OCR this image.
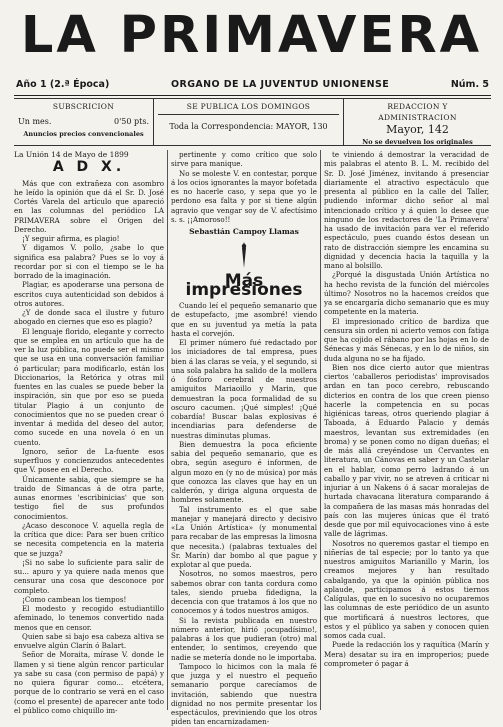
LA PRIMAVERA
Año 1 (2.ª Época)	ORGANO DE LA JUVENTUD UNIONENSE	Núm. 5
SUBSCRICION
Un mes.	0'50 pts.
Anuncios precios convencionales
SE PUBLICA LOS DOMINGOS
Toda la Correspondencia: MAYOR, 130
REDACCION Y ADMINISTRACION
Mayor, 142
No se devuelven los originales

La Unión 14 de Mayo de 1899

A D X.

Más que con extrañeza con asombro he leído la opinión que dá el Sr. D. José Cortés Varela del artículo que apareció en las columnas del periódico LA PRIMAVERA sobre el Origen del Derecho.

¡Y seguir afirma, es plagio!

Y digamos V. pollo, ¿sabe lo que significa esa palabra? Pues se lo voy á recordar por si con el tiempo se le ha borrado de la imaginación.

Plagiar, es apoderarse una persona de escritos cuya autenticidad son debidos á otros autores.

¿Y de donde saca el ilustre y futuro abogado en ciernes que eso es plagio?

El lenguaje florido, elegante y correcto que se emplea en un artículo que ha de ver la luz pública, no puede ser el mismo que se usa en una conversación familiar ó particular; para modificarlo, están los Diccionarios, la Retórica y otras mil fuentes en las cuales se puede beber la inspiración, sin que por eso se pueda titular Plagio á un conjunto de conocimientos que no se pueden crear ó inventar á medida del deseo del autor, como sucede en una novela ó en un cuento.

Ignoro, señor de La-fuente esos superfluos y concienzudos antecedentes que V. posee en el Derecho.

Únicamente sabia, que siempre se ha traido de Simancas á de otra parte, aunas enormes 'escribinicias' que son testigo fiel de sus profundos conocimientos.

¿Acaso desconoce V. aquella regla de la crítica que dice: Para ser buen crítico se necesita competencia en la materia que se juzga?

¡Si no sabe lo suficiente para salir de su... apuro y ya quiere nada menos que censurar una cosa que desconoce por completo.

¡Como cambean los tiempos!

El modesto y recogido estudiantillo afeminado, lo tenemos convertido nada menos que en censor.

Quien sabe si bajo esa cabeza altiva se envuelve algún Clarín ó Balart.

Señor de Moraita, mírase V. donde le llamen y si tiene algún rencor particular ya sabe su casa (con permiso de papá) y no quiera figurar como... etcétera, porque de lo contrario se verá en el caso (como el presente) de aparecer ante todo el público como chiquillo im-

pertinente y como crítico que solo sirve para manique.

No se moleste V. en contestar, porque á los ocios ignorantes la mayor bofetada es no hacerle caso, y sepa que yo le perdono esa falta y por si tiene algún agravio que vengar soy de V. afectísimo s. s. ¡¡Amoroso!!

Sebastián Campoy Llamas

Más impresiones

Cuando leí el pequeño semanario que de estupefacto, ¡me asombré! viendo que en su juventud ya metía la pata hasta el corvejón.

El primer número fué redactado por los iniciadores de tal empresa, pues bien á las claras se veía, y el segundo, si una sola palabra ha salido de la mollera ó fósforo cerebral de nuestros amiguitos Mariaoillo y Marin, que demuestran la poca formalidad de su oscuro cacumen. ¡Qué simples! ¡Qué cobardía! Buscar balas explosivas é incendiarias para defenderse de nuestras diminutas plumas.

Bien demuestra la poca eficiente sabia del pequeño semanario, que es obra, según aseguro é informen, de algun mozo en (y no de música) por más que conozca las claves que hay en un calderón, y diriga alguna orquesta de hombres solamente.

Tal instrumento es el que sabe manejar y manejará directo y decisivo «La Unión Artística» (y monumental para recabar de las empresas la limosna que necesita.) (palabras textuales del Sr. Marín) dar bombo al que pague y explotar al que pueda.

Nosotros, no somos maestros, pero sabemos obrar con tanta cordura como tales, siendo prueba fidedigna, la decencia con que tratamos á los que no conocemos y á todos nuestros amigos.

Si la revista publicada en nuestro número anterior, hirió ¡ocupadísimo!, palabras á los que pudieran (otro) mal entender, lo sentimos, creyendo que nadie se metería donde no le importaba.

Tampoco lo hicimos con la mala fé que juzga y el nuestro el pequeño semanario porque carecíamos de invitación, sabiendo que nuestra dignidad no nos permite presentar los espectáculos, previniendo que los otros piden tan encarnizadamen-

te viniendo á demostrar la veracidad de mis palabras el atento B. L. M. recibido del Sr. D. José Jiménez, invitando á presenciar diariamente el atractivo espectáculo que presenta al público en la calle del Taller, pudiendo informar dicho señor al mal intencionado crítico y á quien lo desee que ninguno de los redactores de 'La Primavera' ha usado de invitación para ver el referido espectáculo, pues cuando éstos desean un rato de distracción siempre les encamina su dignidad y decencia hacia la taquilla y la mano al bolsillo.

¿Porqué la disgustada Unión Artística no ha hecho revista de la función del miércoles último? Nosotros no la hacemos creídos que ya se encargaría dicho semanario que es muy competente en la materia.

El impresionado crítico de bardiza que censura sin orden ni acierto vemos con fatiga que ha cojido el rábano por las hojas en lo de Sénecas y más Sénecas, y en lo de niños, sin duda alguna no se ha fijado.

Bien nos dice cierto autor que mientras ciertos 'caballeros periodistas' improvisados ardan en tan poco cerebro, rebuscando dicterios en contra de los que creen pienso hacerle la competencia en su pocas higiénicas tareas, otros queriendo plagiar á Taboada, á Eduardo Palacio y demás maestros, levantan sus extremidades (en broma) y se ponen como no dígan dueñas; el de más allá creyéndose un Cervantes en literatura, un Cánovas en saber y un Castelar en el hablar, como perro ladrando á un caballo y par vivir, no se atreven á criticar ni injuriar á un Nakens ó á sacar moralejas de hurtada chavacana literatura comparando á la compañera de las masas más honradas del país con las mujeres únicas que él trató desde que por mil equivocaciones vino á este valle de lágrimas.

Nosotros no queremos gastar el tiempo en niñerías de tal especie; por lo tanto ya que nuestros amiguitos Marianillo y Marin, los creamos mejores y han resultado cabalgando, ya que la opinión pública nos aplaude, participamos á estos tiernos Calígulas, que en lo sucesivo no ocuparemos las columnas de este periódico de un asunto que mortificará á nuestros lectores, que estos y el público ya saben y conocen quien somos cada cual.

Puede la redacción los y raquítica (Marín y Mera) desatar su ira en improperios; puede comprometer ó pagar á
